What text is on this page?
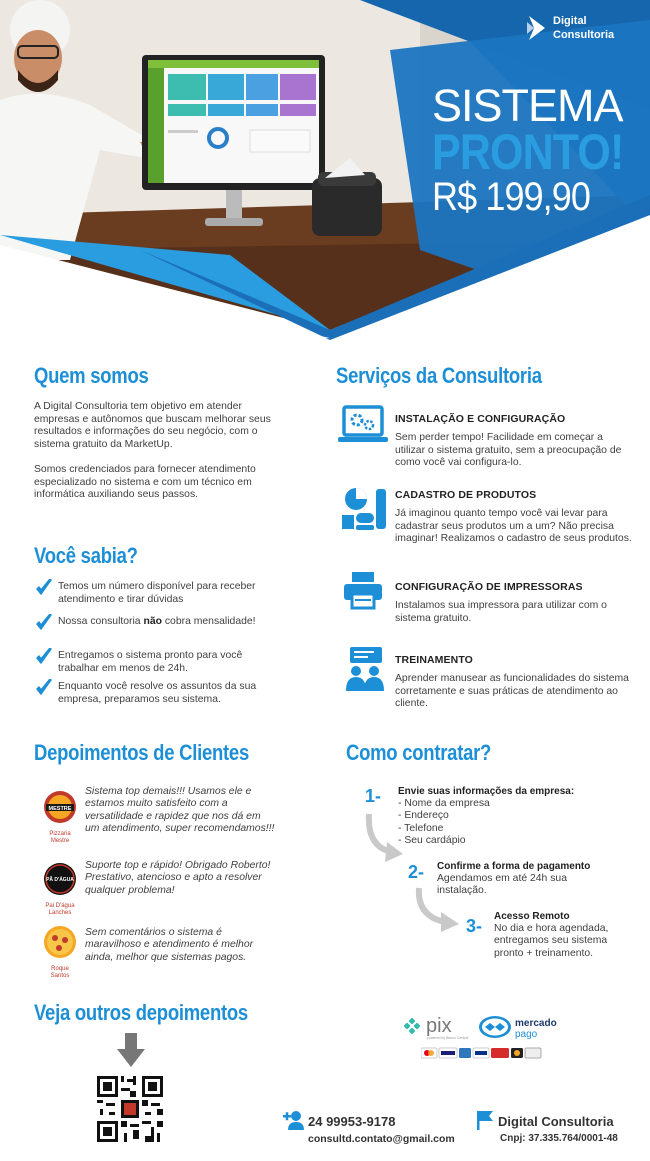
Digital
Consultoria
SISTEMA
PRONTO!
R$ 199,90
Quem somos
A Digital Consultoria tem objetivo em atender empresas e autônomos que buscam melhorar seus resultados e informações do seu negócio, com o sistema gratuito da MarketUp.
Somos credenciados para fornecer atendimento especializado no sistema e com um técnico em informática auxiliando seus passos.
Você sabia?
Temos um número disponível para receber atendimento e tirar dúvidas
Nossa consultoria não cobra mensalidade!
Entregamos o sistema pronto para você trabalhar em menos de 24h.
Enquanto você resolve os assuntos da sua empresa, preparamos seu sistema.
Serviços da Consultoria
INSTALAÇÃO E CONFIGURAÇÃO
Sem perder tempo! Facilidade em começar a utilizar o sistema gratuito, sem a preocupação de como você vai configura-lo.
CADASTRO DE PRODUTOS
Já imaginou quanto tempo você vai levar para cadastrar seus produtos um a um? Não precisa imaginar! Realizamos o cadastro de seus produtos.
CONFIGURAÇÃO DE IMPRESSORAS
Instalamos sua impressora para utilizar com o sistema gratuito.
TREINAMENTO
Aprender manusear as funcionalidades do sistema corretamente e suas práticas de atendimento ao cliente.
Depoimentos de Clientes
MESTRE
Pizzaria
Mestre
Sistema top demais!!! Usamos ele e estamos muito satisfeito com a versatilidade e rapidez que nos dá em um atendimento, super recomendamos!!!
PÃ D'ÁGUA
Pai D'água
Lanches
Suporte top e rápido! Obrigado Roberto! Prestativo, atencioso e apto a resolver qualquer problema!
Roque
Santos
Sem comentários o sistema é maravilhoso e atendimento é melhor ainda, melhor que sistemas pagos.
Veja outros depoimentos
Como contratar?
1- Envie suas informações da empresa:
- Nome da empresa
- Endereço
- Telefone
- Seu cardápio
2- Confirme a forma de pagamento
Agendamos em até 24h sua
instalação.
3- Acesso Remoto
No dia e hora agendada,
entregamos seu sistema
pronto + treinamento.
pix
powered by Banco Central
mercado
pago
24 99953-9178
consultd.contato@gmail.com
Digital Consultoria
Cnpj: 37.335.764/0001-48
